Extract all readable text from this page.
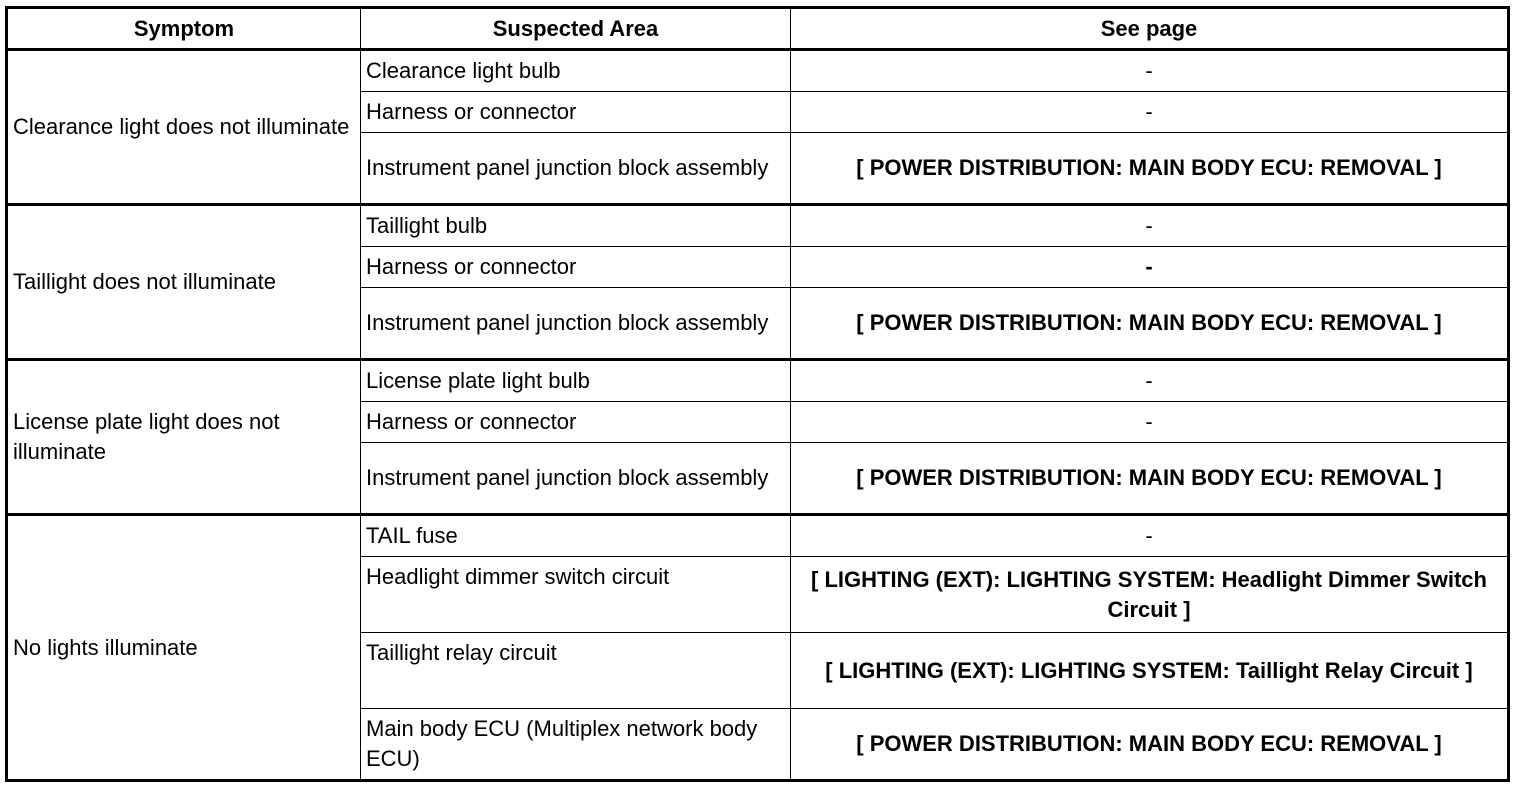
Symptom	Suspected Area	See page
Clearance light does not illuminate	Clearance light bulb	-
	Harness or connector	-
	Instrument panel junction block assembly	[ POWER DISTRIBUTION: MAIN BODY ECU: REMOVAL ]
Taillight does not illuminate	Taillight bulb	-
	Harness or connector	-
	Instrument panel junction block assembly	[ POWER DISTRIBUTION: MAIN BODY ECU: REMOVAL ]
License plate light does not illuminate	License plate light bulb	-
	Harness or connector	-
	Instrument panel junction block assembly	[ POWER DISTRIBUTION: MAIN BODY ECU: REMOVAL ]
No lights illuminate	TAIL fuse	-
	Headlight dimmer switch circuit	[ LIGHTING (EXT): LIGHTING SYSTEM: Headlight Dimmer Switch Circuit ]
	Taillight relay circuit	[ LIGHTING (EXT): LIGHTING SYSTEM: Taillight Relay Circuit ]
	Main body ECU (Multiplex network body ECU)	[ POWER DISTRIBUTION: MAIN BODY ECU: REMOVAL ]
